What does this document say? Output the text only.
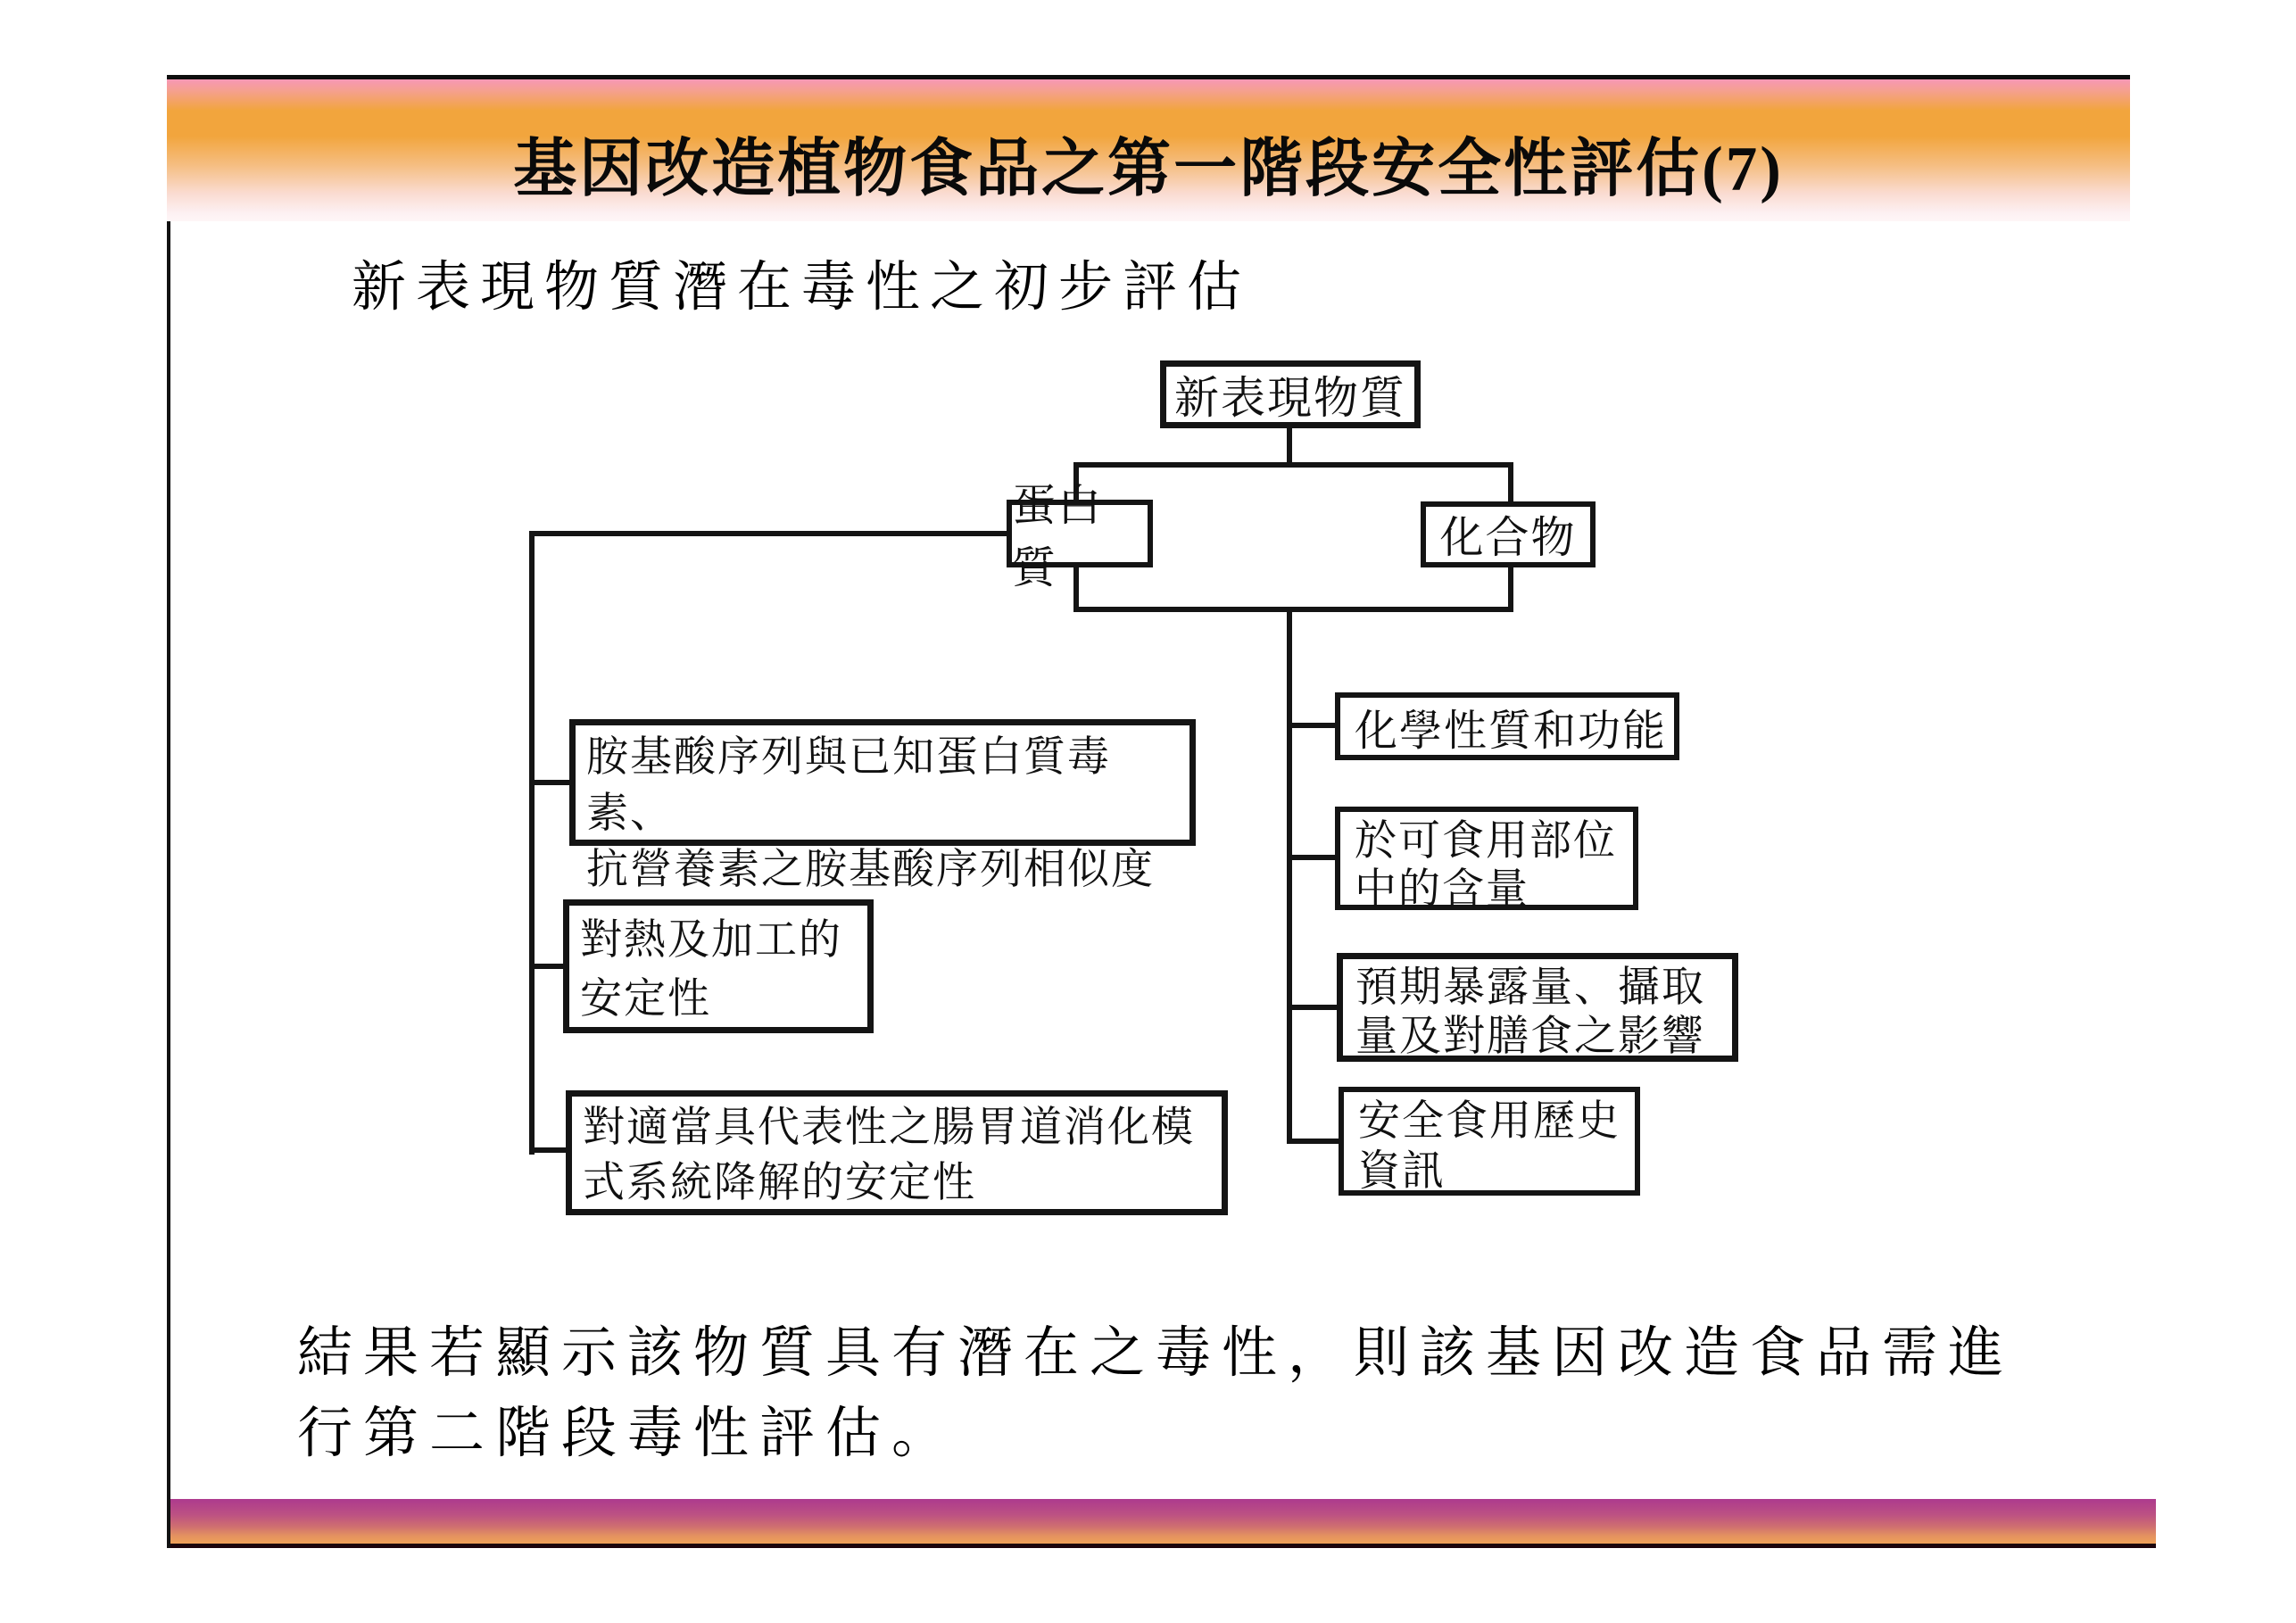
基因改造植物食品之第一階段安全性評估(7)
新表現物質潛在毒性之初步評估
新表現物質
蛋白質
化合物
胺基酸序列與已知蛋白質毒素、
抗營養素之胺基酸序列相似度
對熱及加工的
安定性
對適當具代表性之腸胃道消化模
式系統降解的安定性
化學性質和功能
於可食用部位
中的含量
預期暴露量、攝取
量及對膳食之影響
安全食用歷史
資訊
結果若顯示該物質具有潛在之毒性，則該基因改造食品需進
行第二階段毒性評估。
